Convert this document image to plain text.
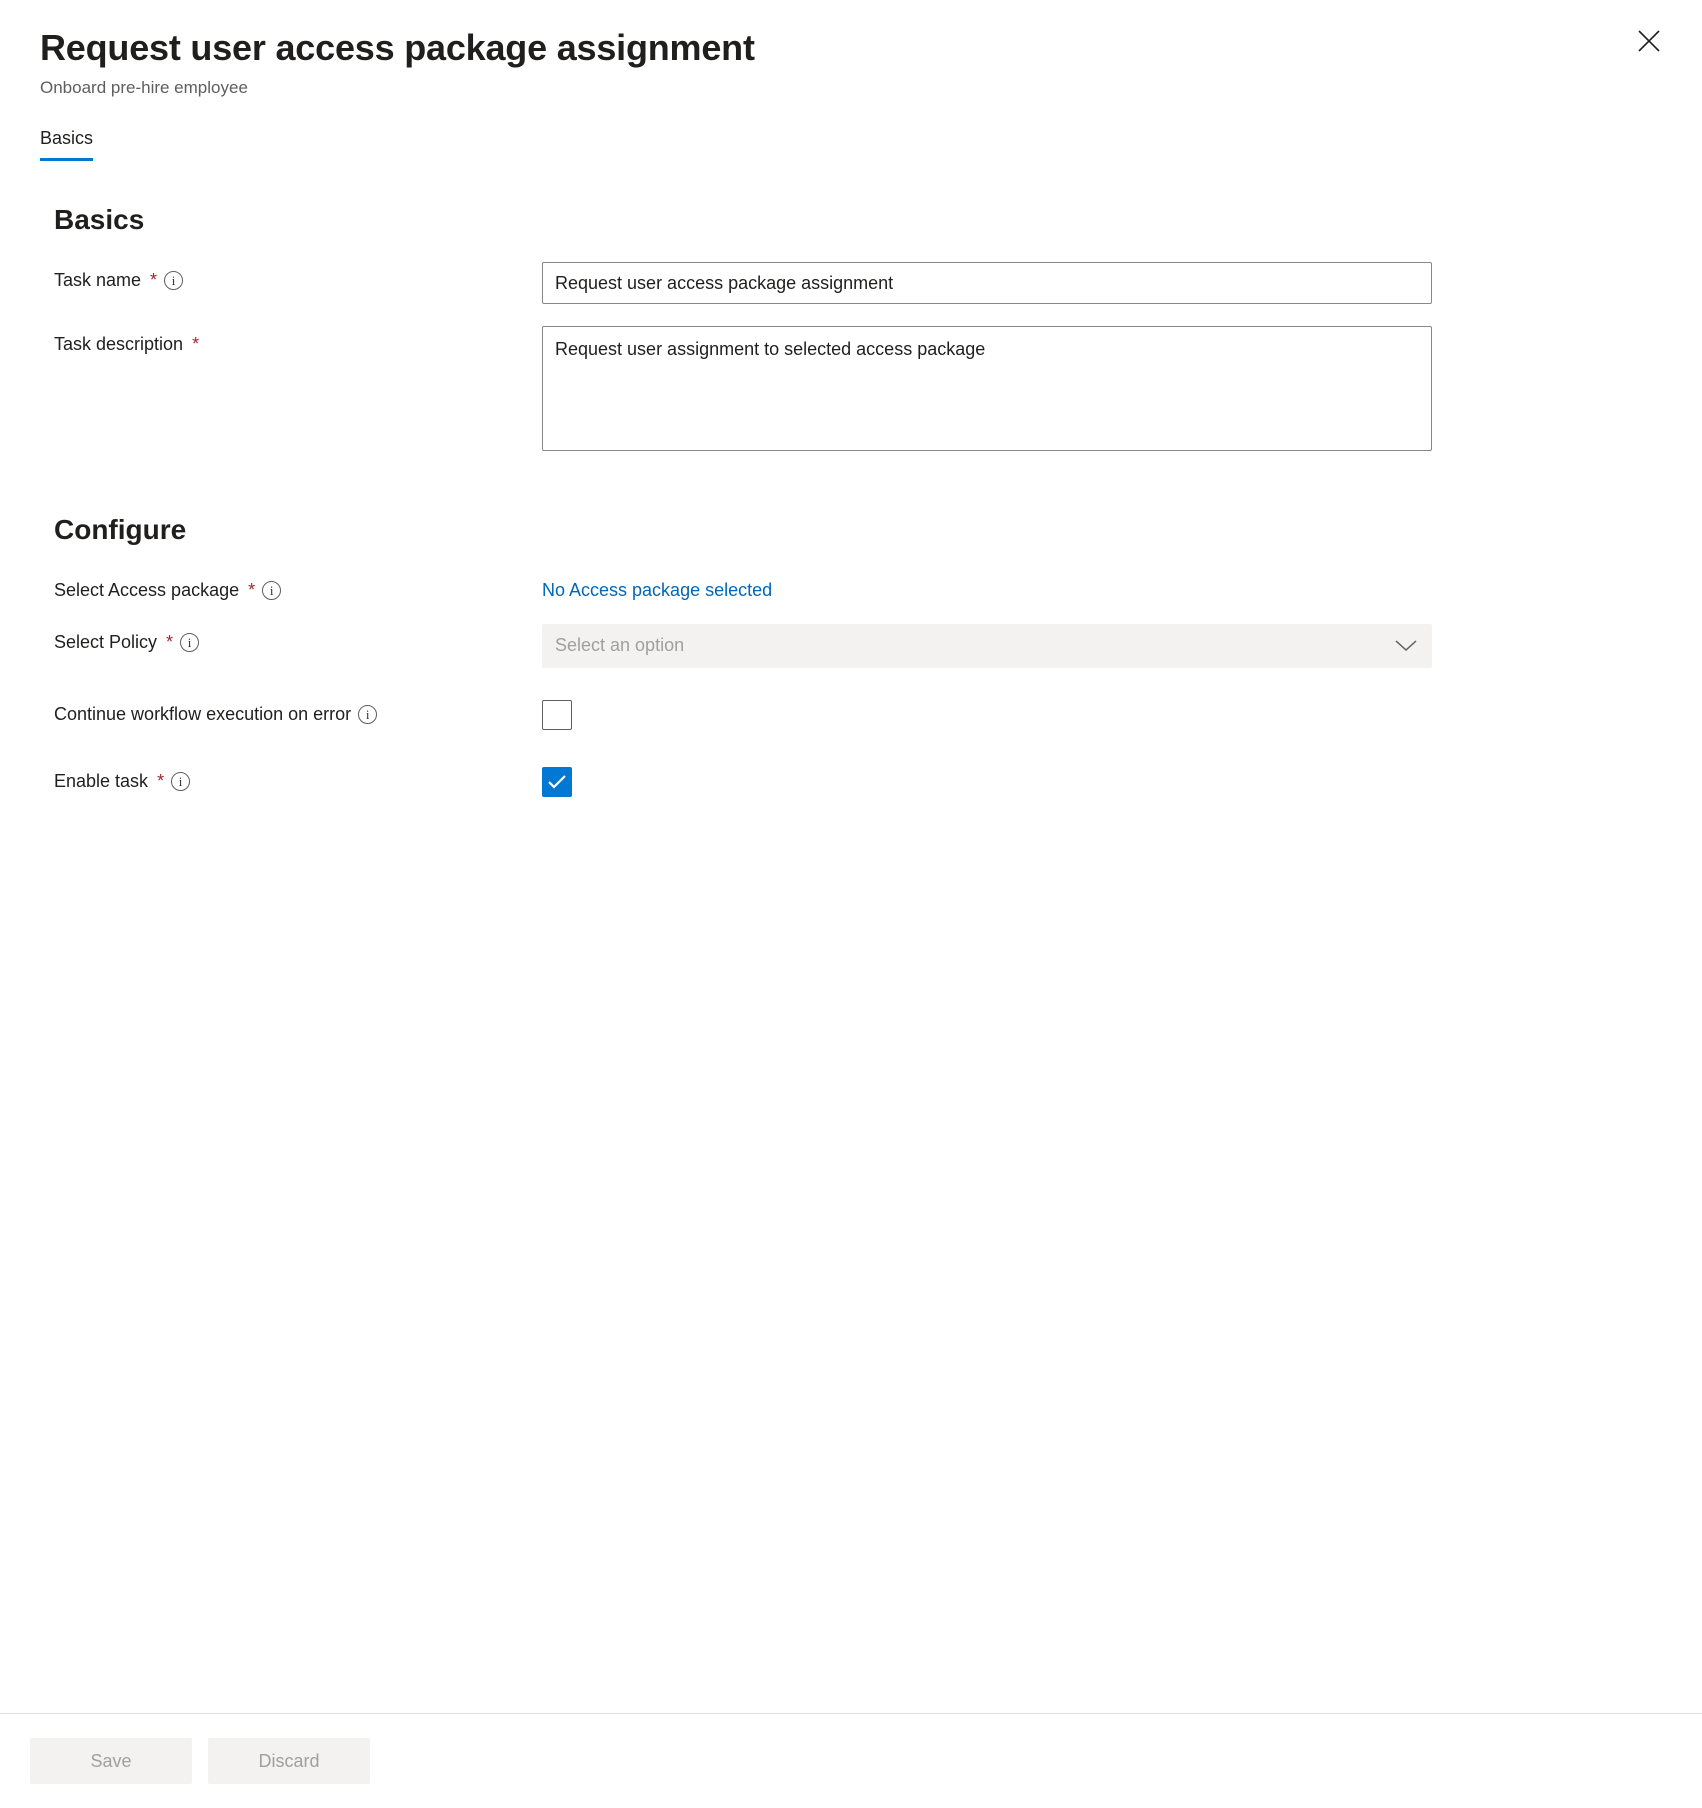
Request user access package assignment
Onboard pre-hire employee
Basics
Basics
Task name *	i
Request user access package assignment
Task description *
Request user assignment to selected access package
Configure
Select Access package *	i	No Access package selected
Select Policy *	i	Select an option
Continue workflow execution on error	i
Enable task *	i
Save	Discard
